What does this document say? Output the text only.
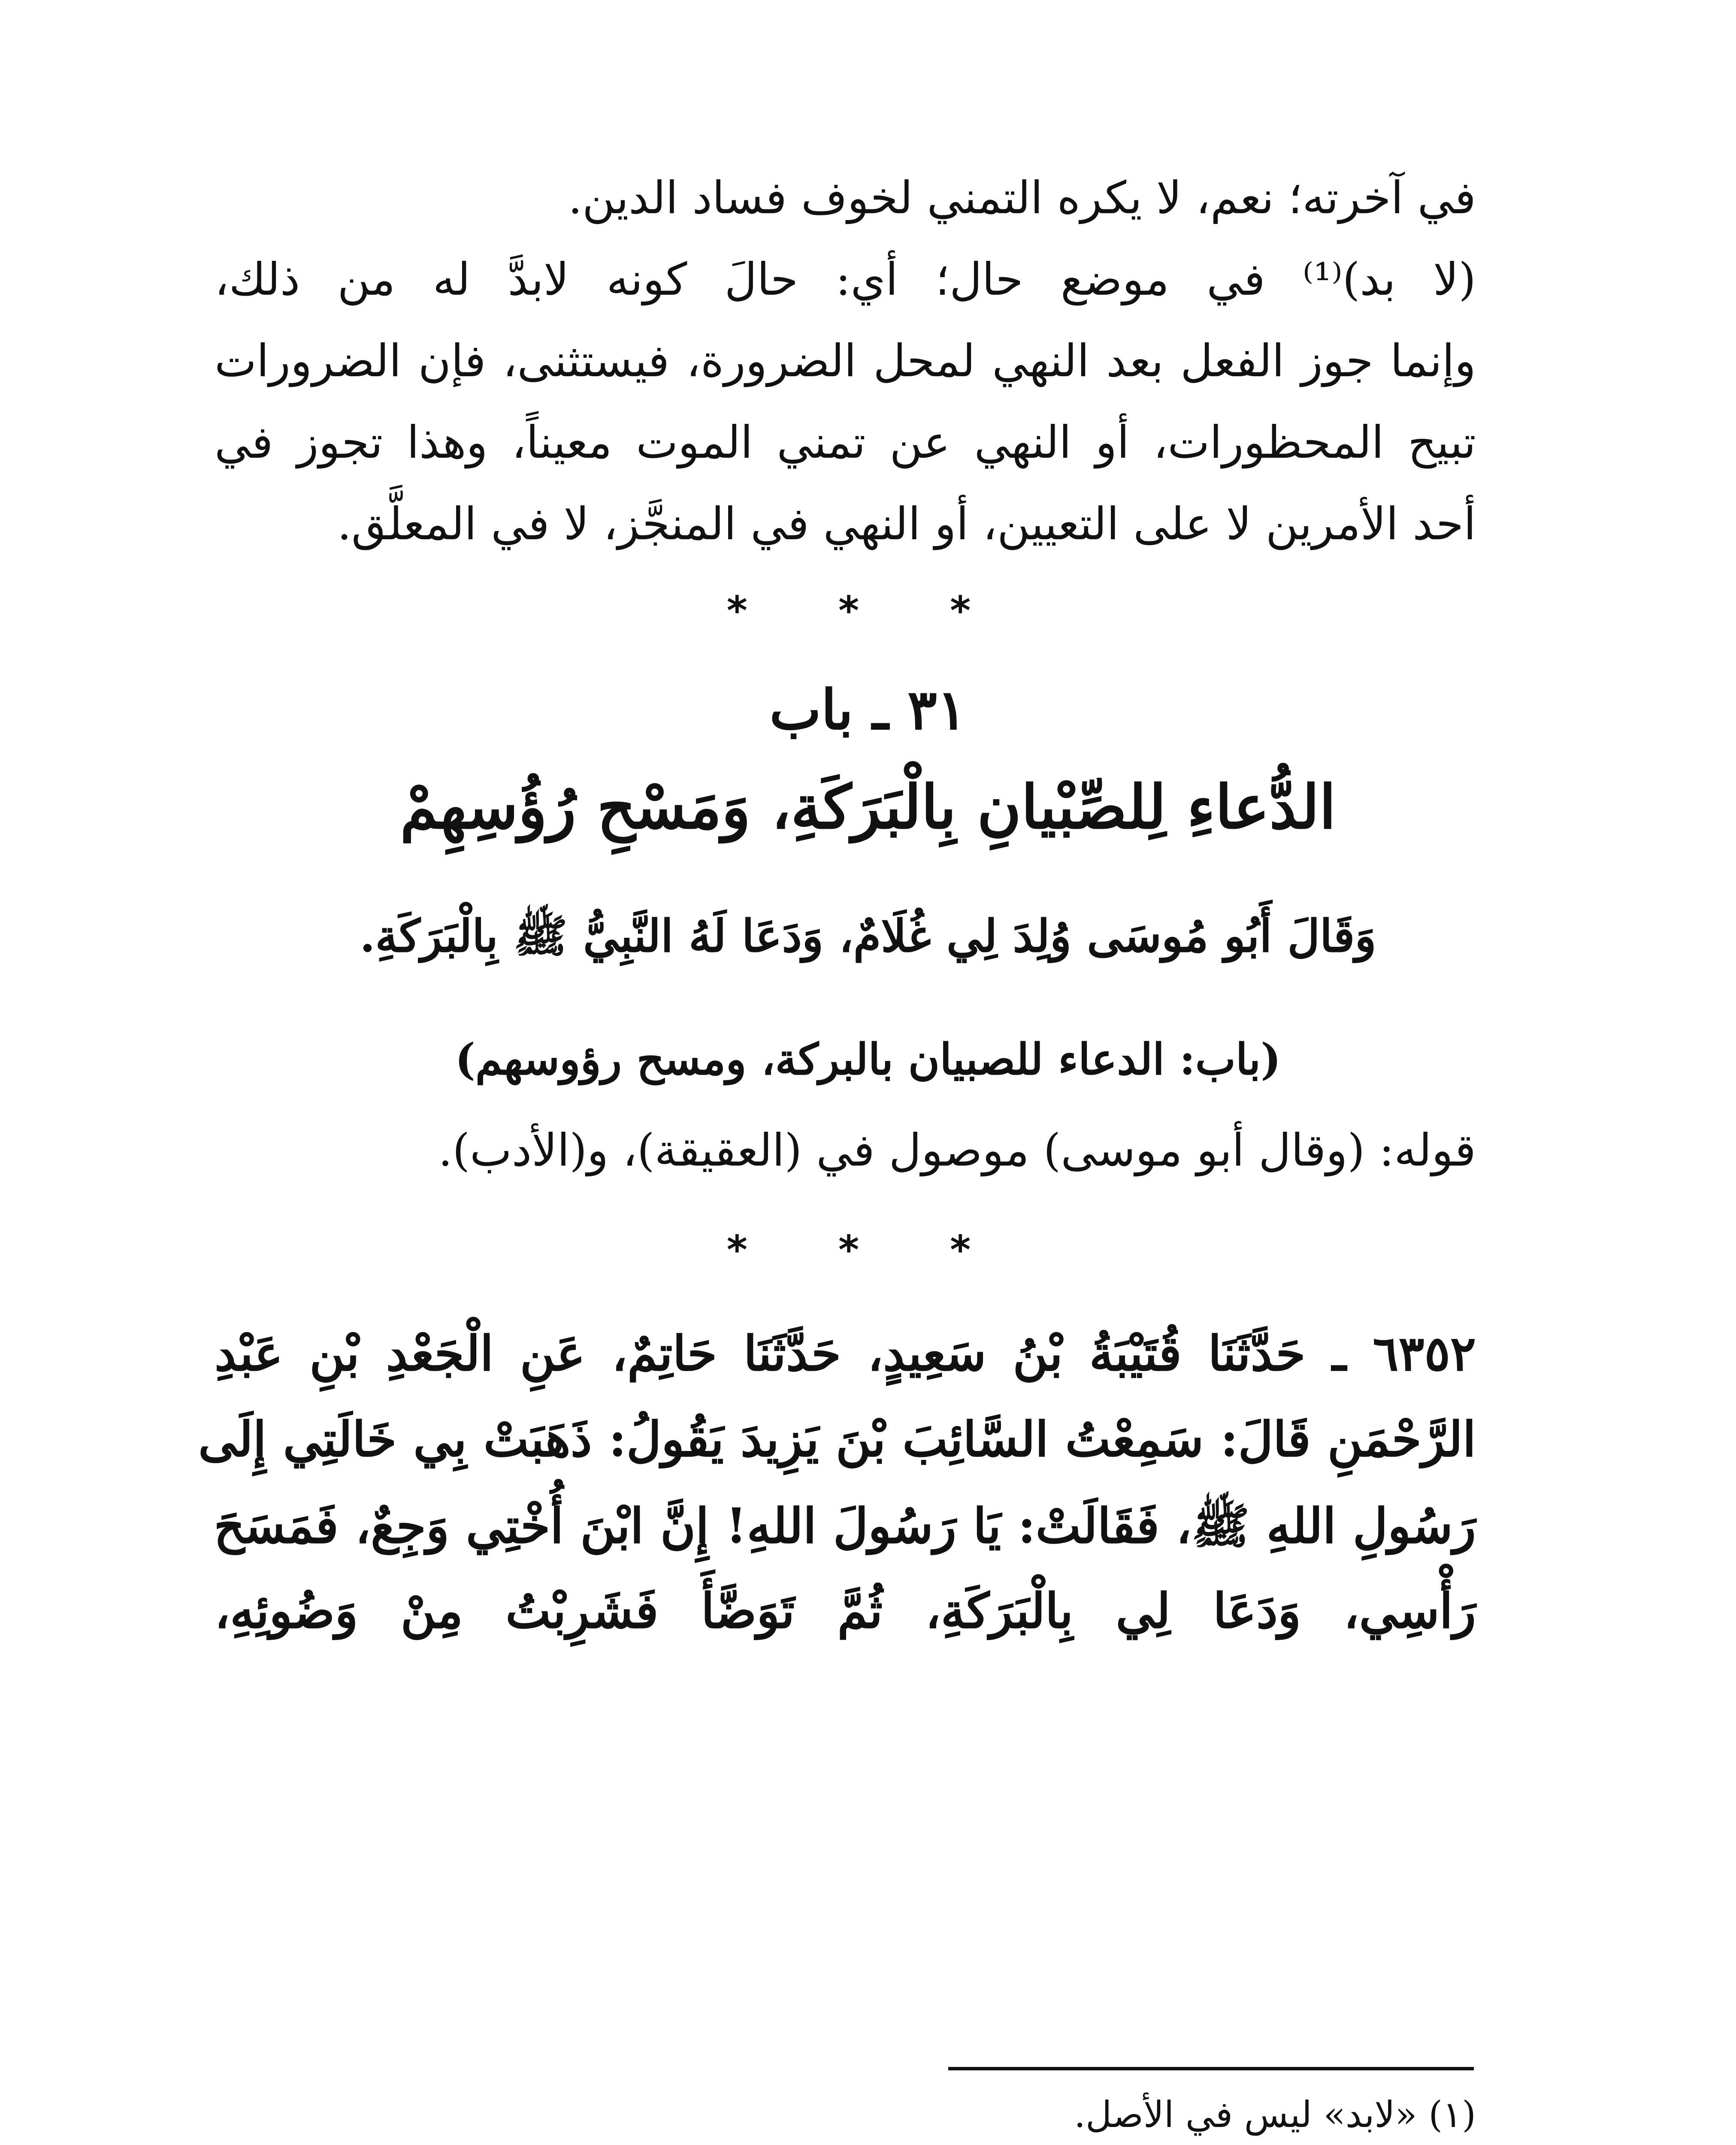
في آخرته؛ نعم، لا يكره التمني لخوف فساد الدين.
(لا بد)⁽¹⁾ في موضع حال؛ أي: حالَ كونه لابدَّ له من ذلك،
وإنما جوز الفعل بعد النهي لمحل الضرورة، فيستثنى، فإن الضرورات
تبيح المحظورات، أو النهي عن تمني الموت معيناً، وهذا تجوز في
أحد الأمرين لا على التعيين، أو النهي في المنجَّز، لا في المعلَّق.
* * *
٣١ ـ باب
الدُّعاءِ لِلصِّبْيانِ بِالْبَرَكَةِ، وَمَسْحِ رُؤُسِهِمْ
وَقَالَ أَبُو مُوسَى وُلِدَ لِي غُلَامٌ، وَدَعَا لَهُ النَّبِيُّ ﷺ بِالْبَرَكَةِ.
(باب: الدعاء للصبيان بالبركة، ومسح رؤوسهم)
قوله: (وقال أبو موسى) موصول في (العقيقة)، و(الأدب).
* * *
٦٣٥٢ ـ حَدَّثَنَا قُتَيْبَةُ بْنُ سَعِيدٍ، حَدَّثَنَا حَاتِمٌ، عَنِ الْجَعْدِ بْنِ عَبْدِ
الرَّحْمَنِ قَالَ: سَمِعْتُ السَّائِبَ بْنَ يَزِيدَ يَقُولُ: ذَهَبَتْ بِي خَالَتِي إِلَى
رَسُولِ اللهِ ﷺ، فَقَالَتْ: يَا رَسُولَ اللهِ! إِنَّ ابْنَ أُخْتِي وَجِعٌ، فَمَسَحَ
رَأْسِي، وَدَعَا لِي بِالْبَرَكَةِ، ثُمَّ تَوَضَّأَ فَشَرِبْتُ مِنْ وَضُوئِهِ،
(١) «لابد» ليس في الأصل.
